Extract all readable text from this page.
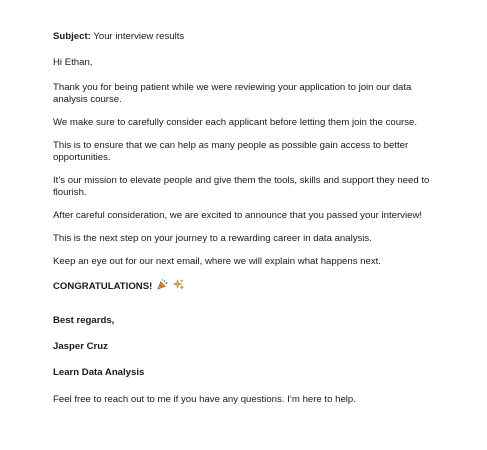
Subject: Your interview results

Hi Ethan,

Thank you for being patient while we were reviewing your application to join our data analysis course.

We make sure to carefully consider each applicant before letting them join the course.

This is to ensure that we can help as many people as possible gain access to better opportunities.

It’s our mission to elevate people and give them the tools, skills and support they need to flourish.

After careful consideration, we are excited to announce that you passed your interview!

This is the next step on your journey to a rewarding career in data analysis.

Keep an eye out for our next email, where we will explain what happens next.

CONGRATULATIONS!

Best regards,

Jasper Cruz

Learn Data Analysis

Feel free to reach out to me if you have any questions. I’m here to help.
